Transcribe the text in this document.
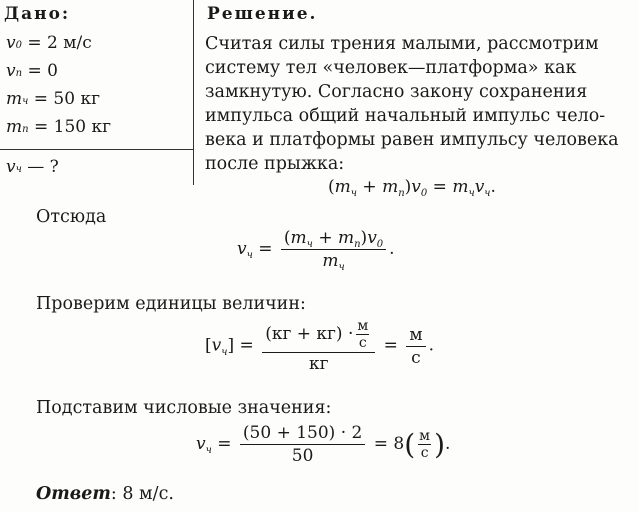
Дано:
v0 = 2 м/с
vп = 0
mч = 50 кг
mп = 150 кг
vч — ?
Решение.
Считая силы трения малыми, рассмотрим
систему тел «человек—платформа» как
замкнутую. Согласно закону сохранения
импульса общий начальный импульс чело-
века и платформы равен импульсу человека
после прыжка:
$(m_ч + m_п)v_0 = m_чv_ч$.
Отсюда
$v_ч = \frac{(m_ч + m_п)v_0}{m_ч}$ .
Проверим единицы величин:
$[v_ч] = \frac{(кг + кг) \cdot \frac{м}{с}}{кг} = \frac{м}{с}$ .
Подставим числовые значения:
$v_ч = \frac{(50 + 150) \cdot 2}{50} = 8( \frac{м}{с}$ ).
Ответ: 8 м/с.
